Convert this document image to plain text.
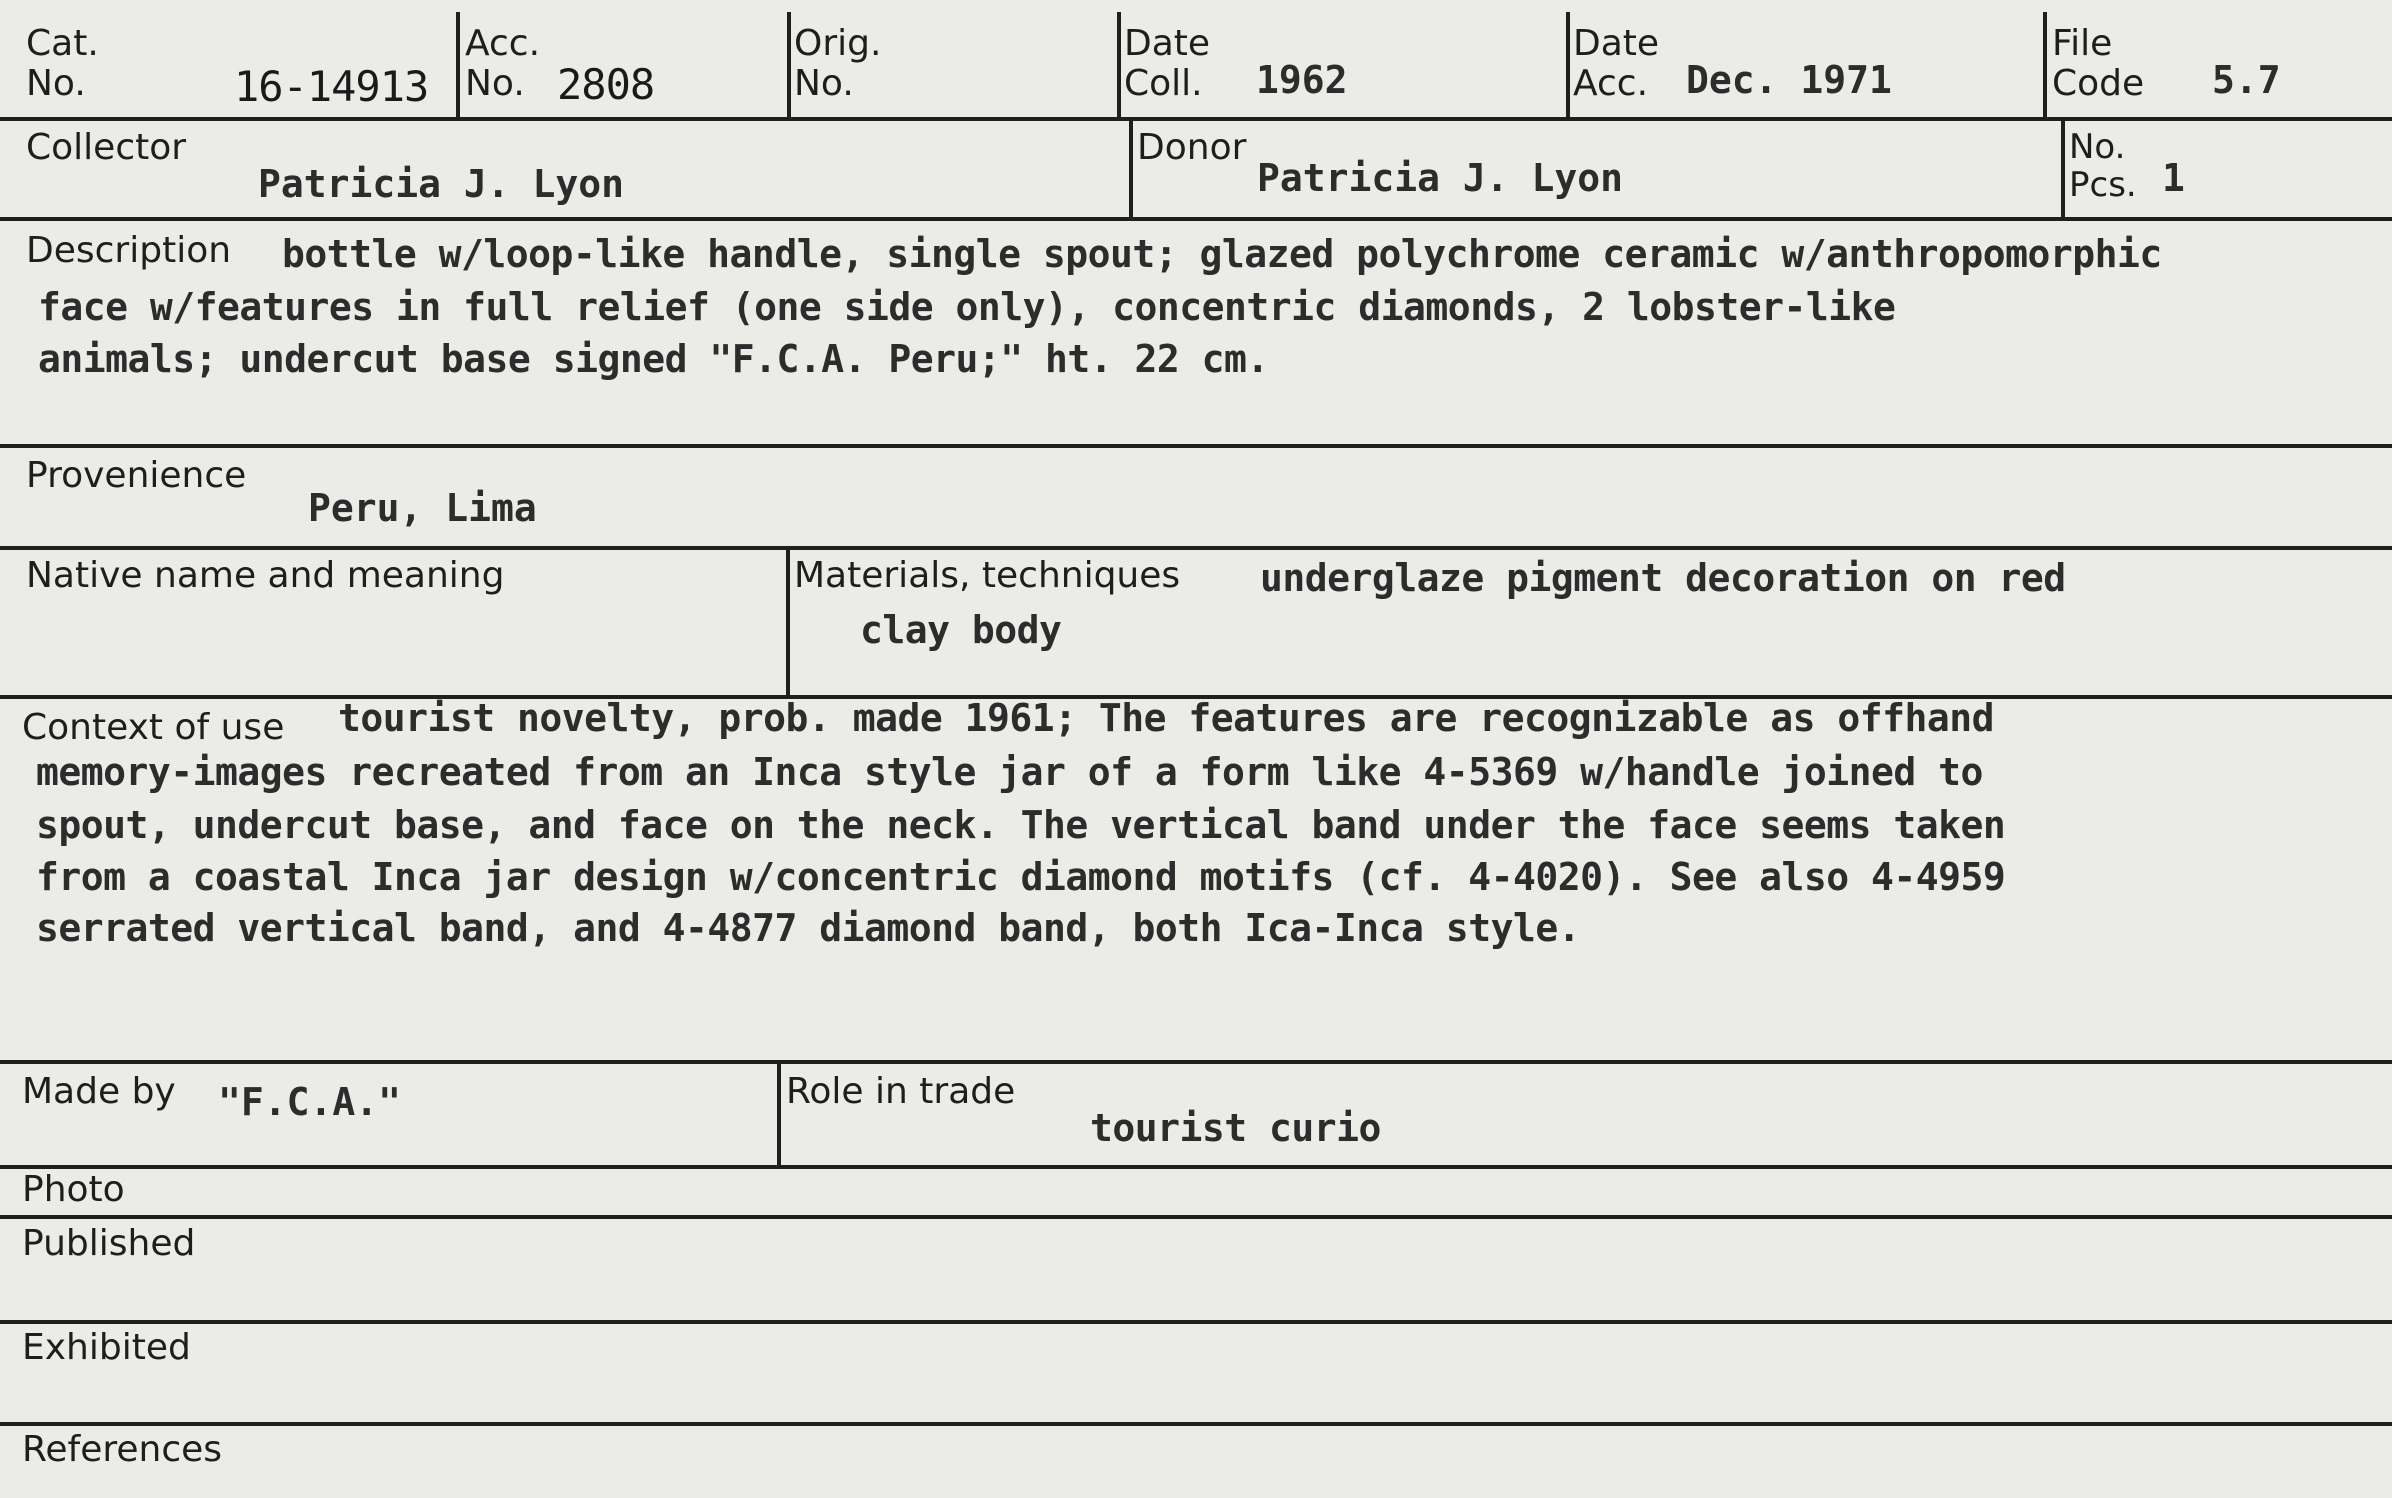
Cat.
No.	16-14913
Acc.
No. 2808
Orig.
No.
Date
Coll. 1962
Date
Acc. Dec. 1971
File
Code 5.7
Collector
Patricia J. Lyon
Donor
Patricia J. Lyon
No.
Pcs. 1
Description bottle w/loop-like handle, single spout; glazed polychrome ceramic w/anthropomorphic
face w/features in full relief (one side only), concentric diamonds, 2 lobster-like
animals; undercut base signed "F.C.A. Peru;" ht. 22 cm.
Provenience
Peru, Lima
Native name and meaning	Materials, techniques underglaze pigment decoration on red
clay body
Context of use tourist novelty, prob. made 1961; The features are recognizable as offhand
memory-images recreated from an Inca style jar of a form like 4-5369 w/handle joined to
spout, undercut base, and face on the neck. The vertical band under the face seems taken
from a coastal Inca jar design w/concentric diamond motifs (cf. 4-4020). See also 4-4959
serrated vertical band, and 4-4877 diamond band, both Ica-Inca style.
Made by "F.C.A."	Role in trade
tourist curio
Photo
Published
Exhibited
References
